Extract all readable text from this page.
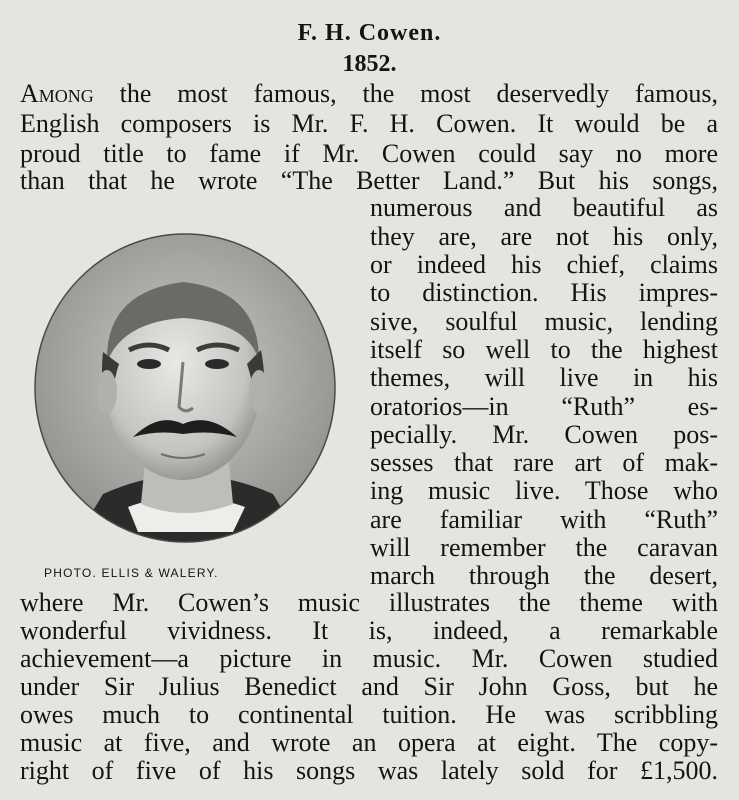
F. H. Cowen.
1852.
Among the most famous, the most deservedly famous,
English composers is Mr. F. H. Cowen. It would be a
proud title to fame if Mr. Cowen could say no more
than that he wrote “The Better Land.” But his songs,
numerous and beautiful as
they are, are not his only,
or indeed his chief, claims
to distinction. His impres-
sive, soulful music, lending
itself so well to the highest
themes, will live in his
oratorios—in “Ruth” es-
pecially. Mr. Cowen pos-
sesses that rare art of mak-
ing music live. Those who
are familiar with “Ruth”
will remember the caravan
march through the desert,
where Mr. Cowen’s music illustrates the theme with
wonderful vividness. It is, indeed, a remarkable
achievement—a picture in music. Mr. Cowen studied
under Sir Julius Benedict and Sir John Goss, but he
owes much to continental tuition. He was scribbling
music at five, and wrote an opera at eight. The copy-
right of five of his songs was lately sold for £1,500.
PHOTO. ELLIS & WALERY.
